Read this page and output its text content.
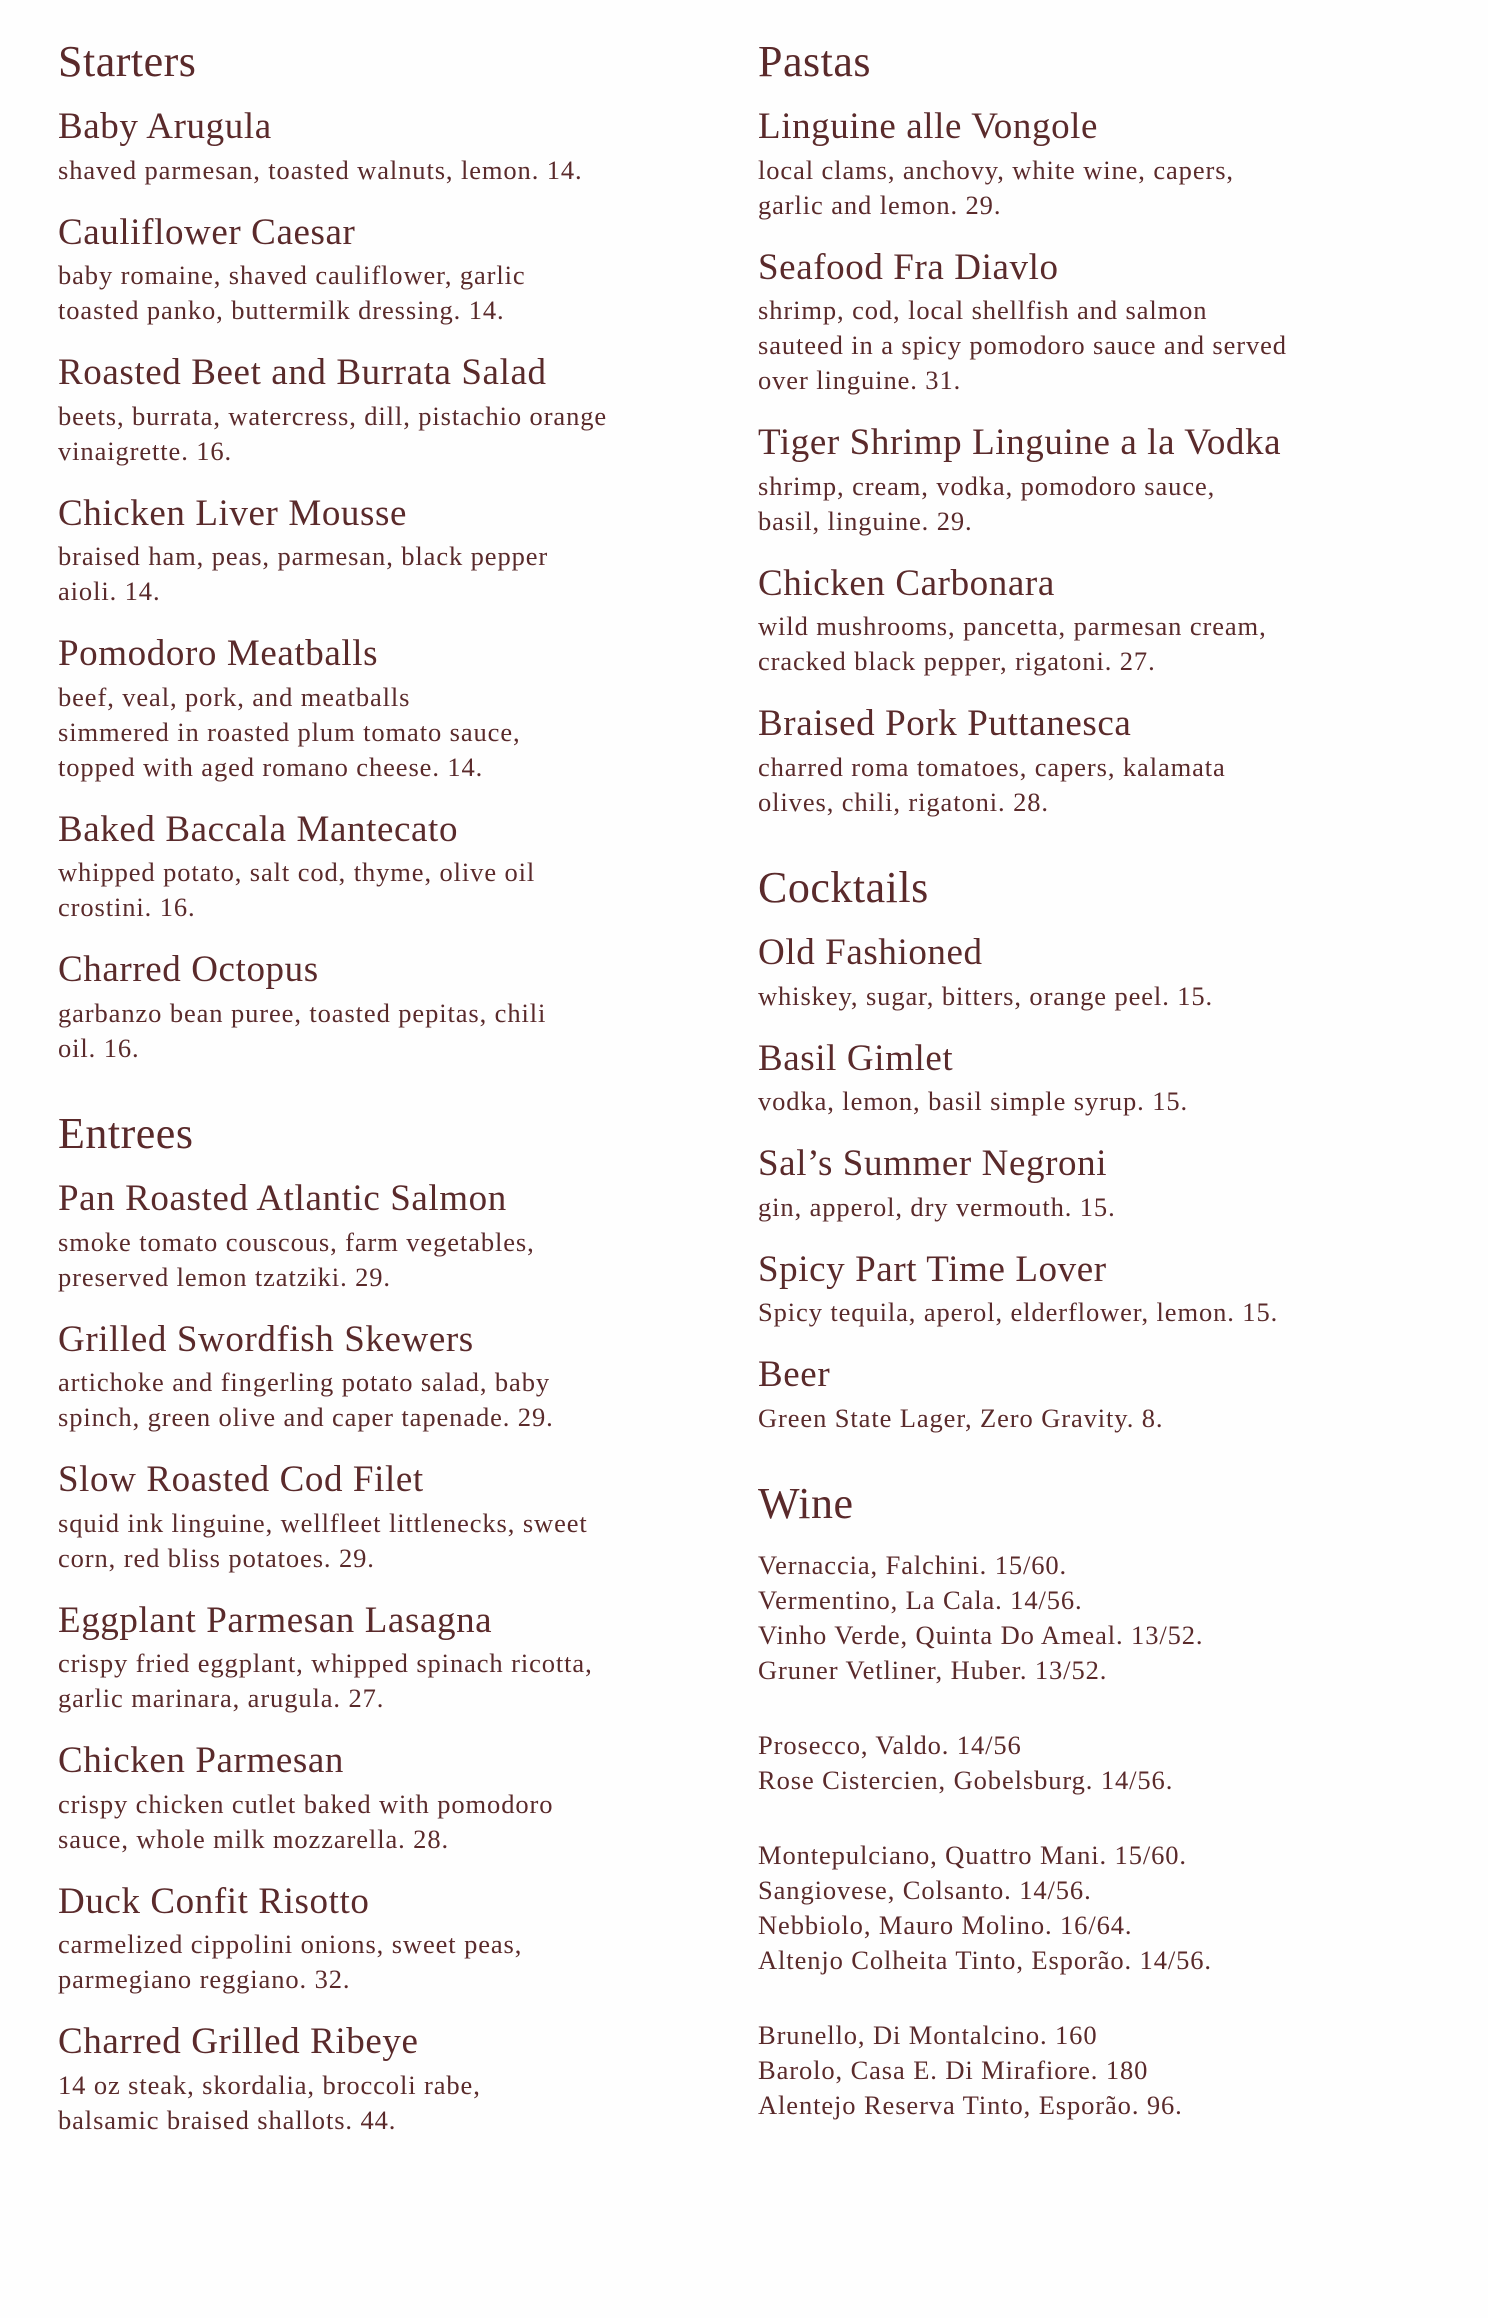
Starters
Baby Arugula
shaved parmesan, toasted walnuts, lemon. 14.
Cauliflower Caesar
baby romaine, shaved cauliflower, garlic
toasted panko, buttermilk dressing. 14.
Roasted Beet and Burrata Salad
beets, burrata, watercress, dill, pistachio orange
vinaigrette. 16.
Chicken Liver Mousse
braised ham, peas, parmesan, black pepper
aioli. 14.
Pomodoro Meatballs
beef, veal, pork, and meatballs
simmered in roasted plum tomato sauce,
topped with aged romano cheese. 14.
Baked Baccala Mantecato
whipped potato, salt cod, thyme, olive oil
crostini. 16.
Charred Octopus
garbanzo bean puree, toasted pepitas, chili
oil. 16.
Entrees
Pan Roasted Atlantic Salmon
smoke tomato couscous, farm vegetables,
preserved lemon tzatziki. 29.
Grilled Swordfish Skewers
artichoke and fingerling potato salad, baby
spinch, green olive and caper tapenade. 29.
Slow Roasted Cod Filet
squid ink linguine, wellfleet littlenecks, sweet
corn, red bliss potatoes. 29.
Eggplant Parmesan Lasagna
crispy fried eggplant, whipped spinach ricotta,
garlic marinara, arugula. 27.
Chicken Parmesan
crispy chicken cutlet baked with pomodoro
sauce, whole milk mozzarella. 28.
Duck Confit Risotto
carmelized cippolini onions, sweet peas,
parmegiano reggiano. 32.
Charred Grilled Ribeye
14 oz steak, skordalia, broccoli rabe,
balsamic braised shallots. 44.
Pastas
Linguine alle Vongole
local clams, anchovy, white wine, capers,
garlic and lemon. 29.
Seafood Fra Diavlo
shrimp, cod, local shellfish and salmon
sauteed in a spicy pomodoro sauce and served
over linguine. 31.
Tiger Shrimp Linguine a la Vodka
shrimp, cream, vodka, pomodoro sauce,
basil, linguine. 29.
Chicken Carbonara
wild mushrooms, pancetta, parmesan cream,
cracked black pepper, rigatoni. 27.
Braised Pork Puttanesca
charred roma tomatoes, capers, kalamata
olives, chili, rigatoni. 28.
Cocktails
Old Fashioned
whiskey, sugar, bitters, orange peel. 15.
Basil Gimlet
vodka, lemon, basil simple syrup. 15.
Sal’s Summer Negroni
gin, apperol, dry vermouth. 15.
Spicy Part Time Lover
Spicy tequila, aperol, elderflower, lemon. 15.
Beer
Green State Lager, Zero Gravity. 8.
Wine
Vernaccia, Falchini. 15/60.
Vermentino, La Cala. 14/56.
Vinho Verde, Quinta Do Ameal. 13/52.
Gruner Vetliner, Huber. 13/52.
Prosecco, Valdo. 14/56
Rose Cistercien, Gobelsburg. 14/56.
Montepulciano, Quattro Mani. 15/60.
Sangiovese, Colsanto. 14/56.
Nebbiolo, Mauro Molino. 16/64.
Altenjo Colheita Tinto, Esporão. 14/56.
Brunello, Di Montalcino. 160
Barolo, Casa E. Di Mirafiore. 180
Alentejo Reserva Tinto, Esporão. 96.
